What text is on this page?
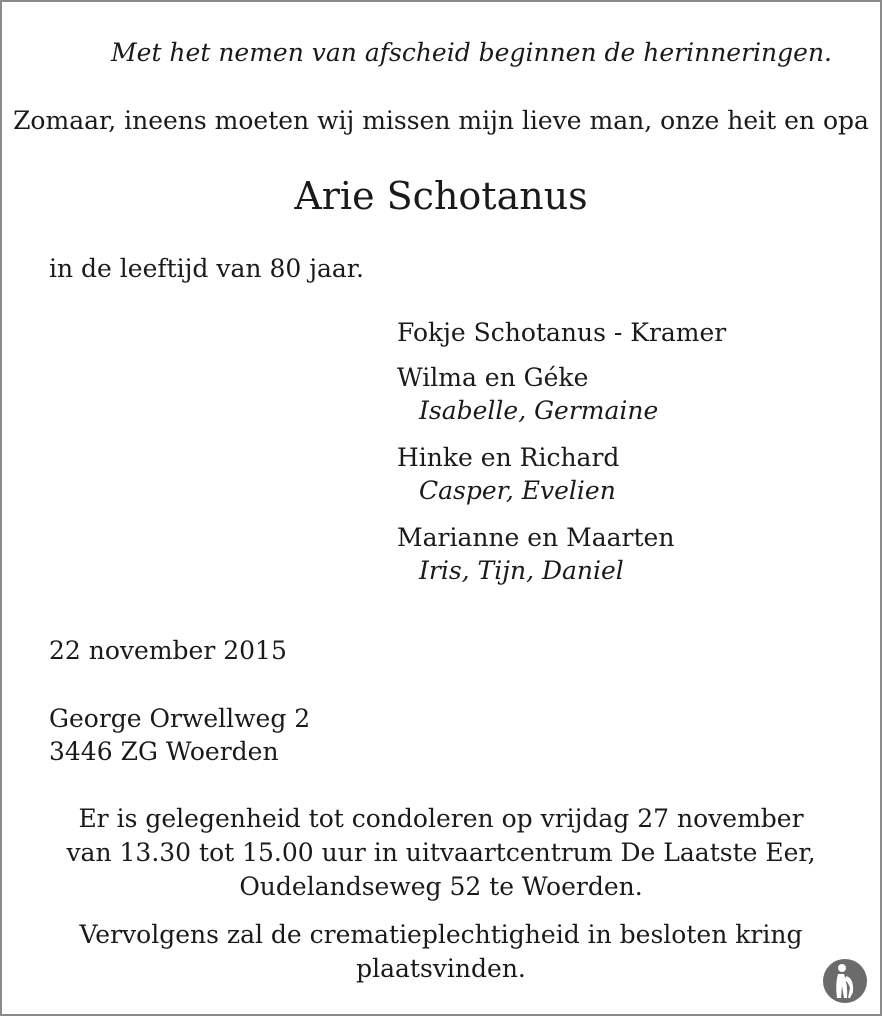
Met het nemen van afscheid beginnen de herinneringen.

Zomaar, ineens moeten wij missen mijn lieve man, onze heit en opa

Arie Schotanus

in de leeftijd van 80 jaar.

Fokje Schotanus - Kramer
Wilma en Géke
Isabelle, Germaine
Hinke en Richard
Casper, Evelien
Marianne en Maarten
Iris, Tijn, Daniel

22 november 2015

George Orwellweg 2
3446 ZG Woerden
Er is gelegenheid tot condoleren op vrijdag 27 november
van 13.30 tot 15.00 uur in uitvaartcentrum De Laatste Eer,
Oudelandseweg 52 te Woerden.
Vervolgens zal de crematieplechtigheid in besloten kring
plaatsvinden.
